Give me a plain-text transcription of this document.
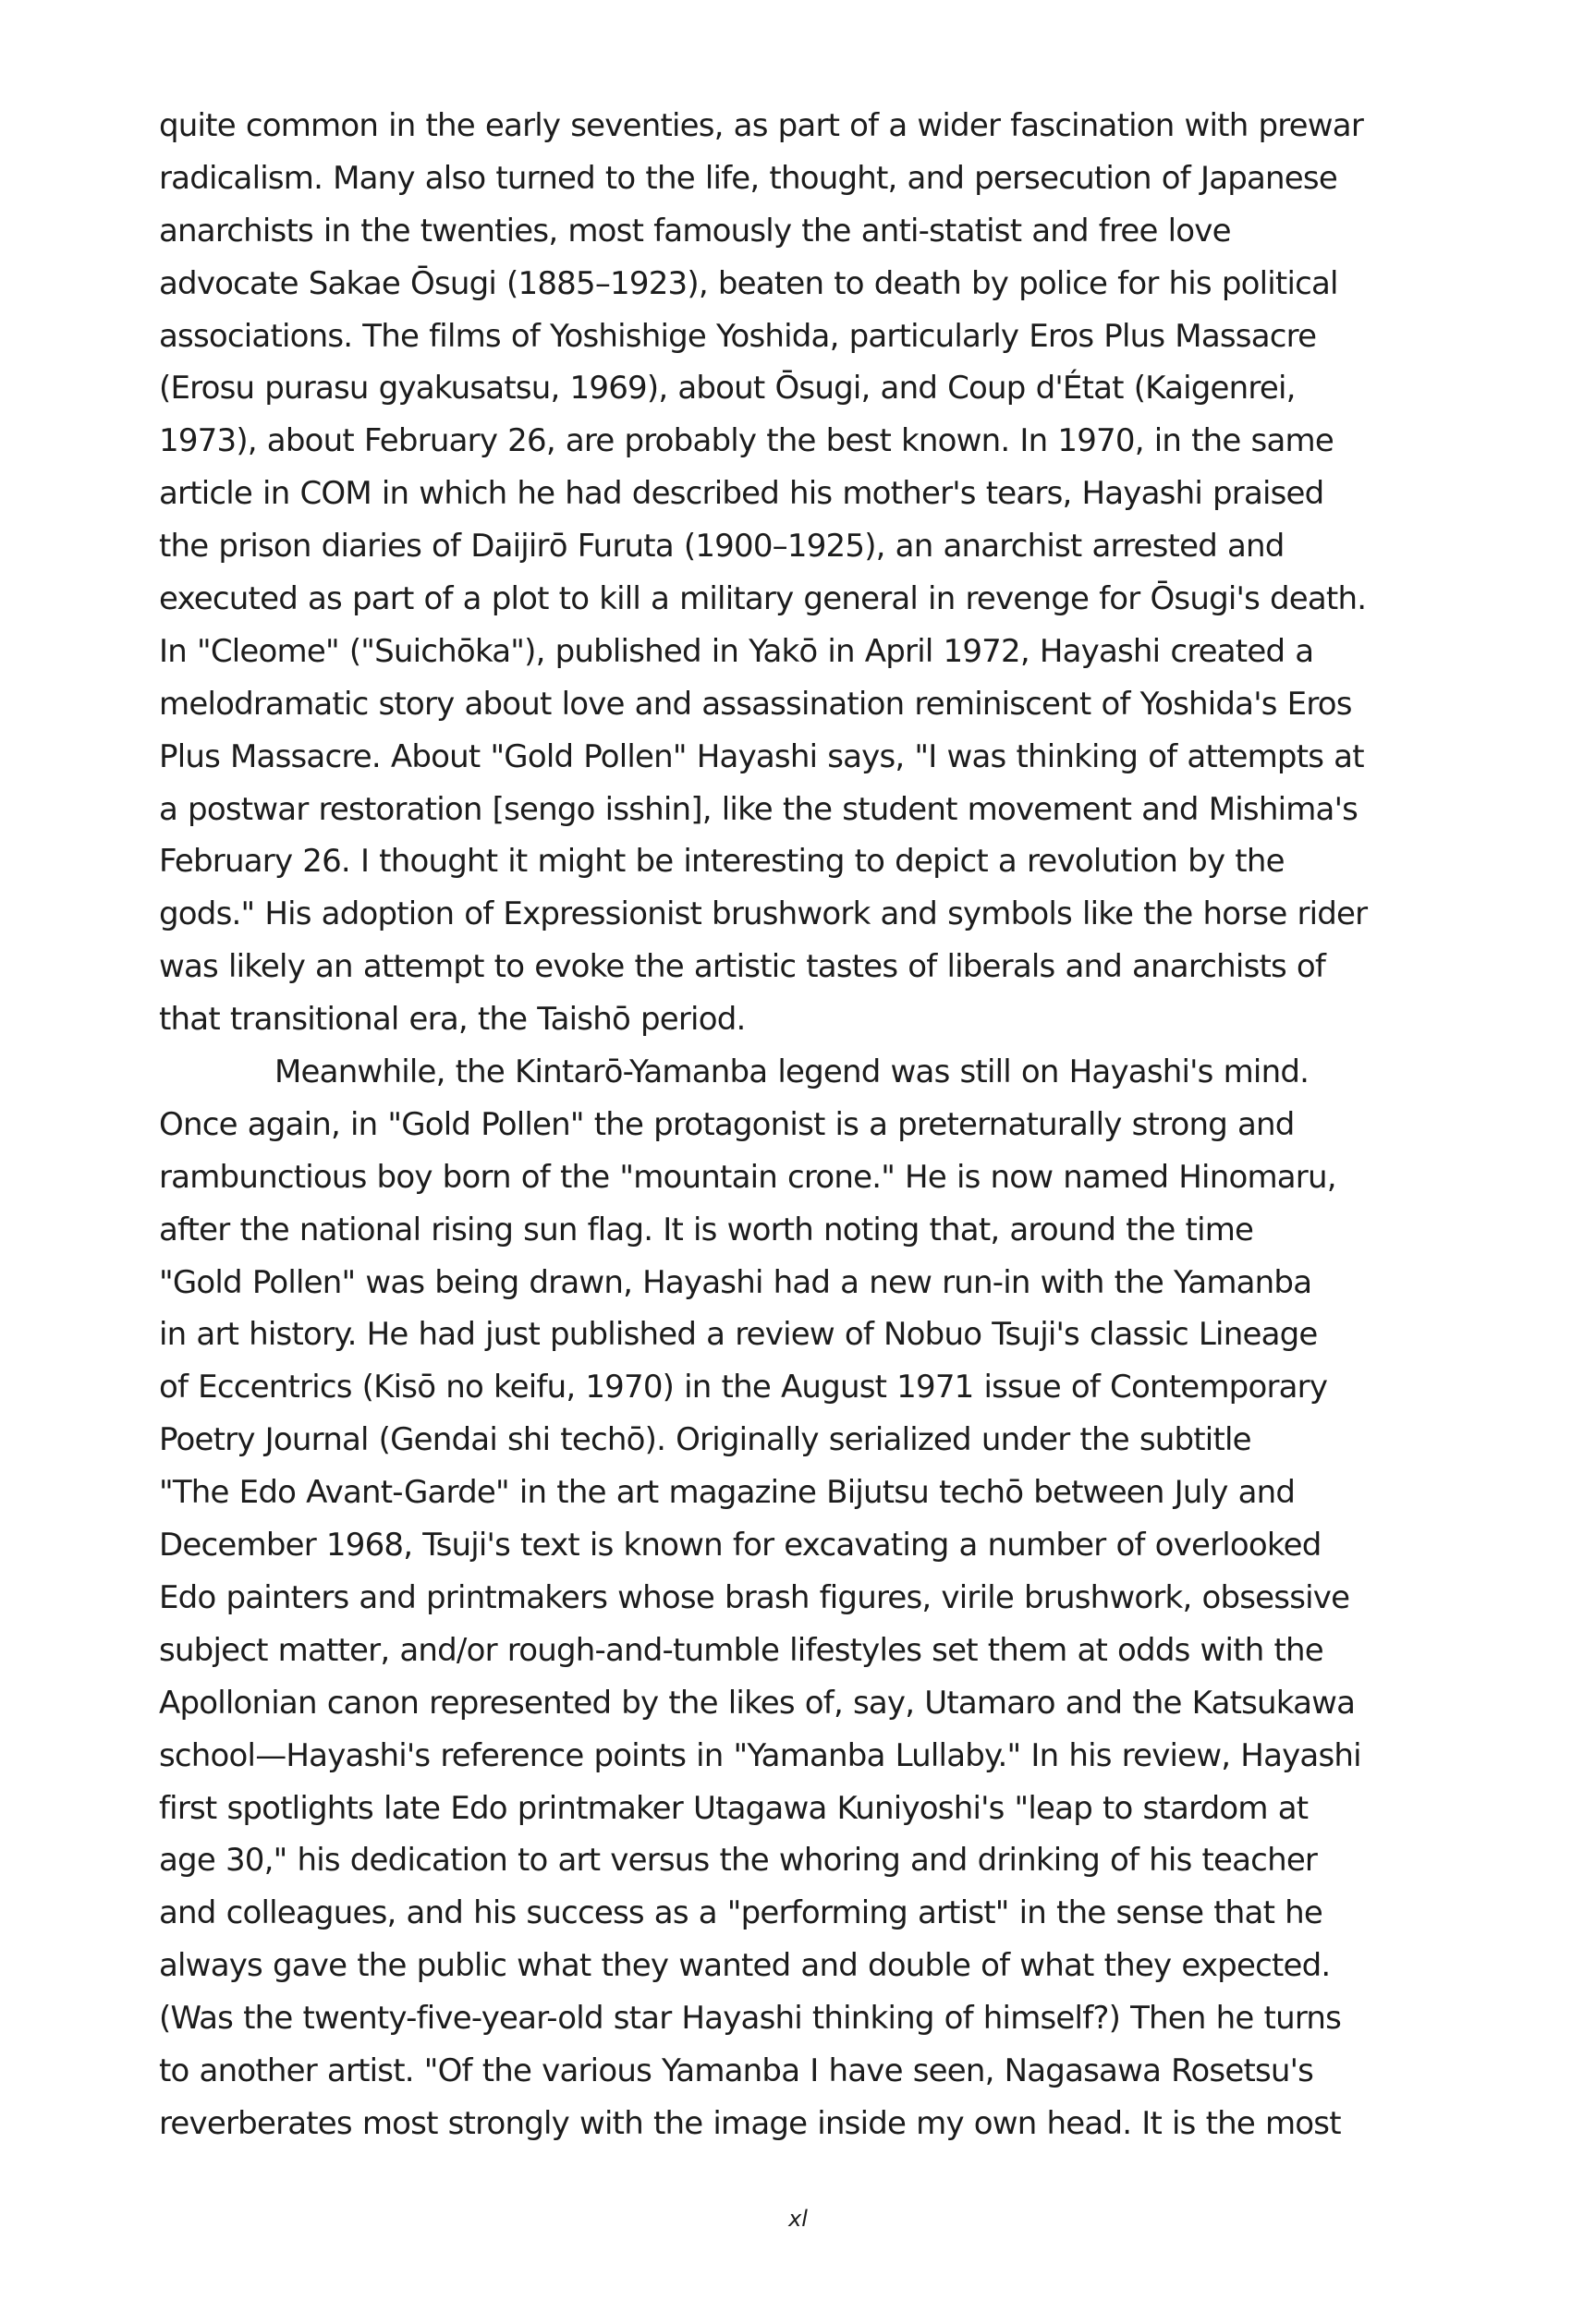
quite common in the early seventies, as part of a wider fascination with prewar
radicalism. Many also turned to the life, thought, and persecution of Japanese
anarchists in the twenties, most famously the anti-statist and free love
advocate Sakae Ōsugi (1885–1923), beaten to death by police for his political
associations. The films of Yoshishige Yoshida, particularly Eros Plus Massacre
(Erosu purasu gyakusatsu, 1969), about Ōsugi, and Coup d'État (Kaigenrei,
1973), about February 26, are probably the best known. In 1970, in the same
article in COM in which he had described his mother's tears, Hayashi praised
the prison diaries of Daijirō Furuta (1900–1925), an anarchist arrested and
executed as part of a plot to kill a military general in revenge for Ōsugi's death.
In "Cleome" ("Suichōka"), published in Yakō in April 1972, Hayashi created a
melodramatic story about love and assassination reminiscent of Yoshida's Eros
Plus Massacre. About "Gold Pollen" Hayashi says, "I was thinking of attempts at
a postwar restoration [sengo isshin], like the student movement and Mishima's
February 26. I thought it might be interesting to depict a revolution by the
gods." His adoption of Expressionist brushwork and symbols like the horse rider
was likely an attempt to evoke the artistic tastes of liberals and anarchists of
that transitional era, the Taishō period.
Meanwhile, the Kintarō-Yamanba legend was still on Hayashi's mind.
Once again, in "Gold Pollen" the protagonist is a preternaturally strong and
rambunctious boy born of the "mountain crone." He is now named Hinomaru,
after the national rising sun flag. It is worth noting that, around the time
"Gold Pollen" was being drawn, Hayashi had a new run-in with the Yamanba
in art history. He had just published a review of Nobuo Tsuji's classic Lineage
of Eccentrics (Kisō no keifu, 1970) in the August 1971 issue of Contemporary
Poetry Journal (Gendai shi techō). Originally serialized under the subtitle
"The Edo Avant-Garde" in the art magazine Bijutsu techō between July and
December 1968, Tsuji's text is known for excavating a number of overlooked
Edo painters and printmakers whose brash figures, virile brushwork, obsessive
subject matter, and/or rough-and-tumble lifestyles set them at odds with the
Apollonian canon represented by the likes of, say, Utamaro and the Katsukawa
school—Hayashi's reference points in "Yamanba Lullaby." In his review, Hayashi
first spotlights late Edo printmaker Utagawa Kuniyoshi's "leap to stardom at
age 30," his dedication to art versus the whoring and drinking of his teacher
and colleagues, and his success as a "performing artist" in the sense that he
always gave the public what they wanted and double of what they expected.
(Was the twenty-five-year-old star Hayashi thinking of himself?) Then he turns
to another artist. "Of the various Yamanba I have seen, Nagasawa Rosetsu's
reverberates most strongly with the image inside my own head. It is the most
xl
